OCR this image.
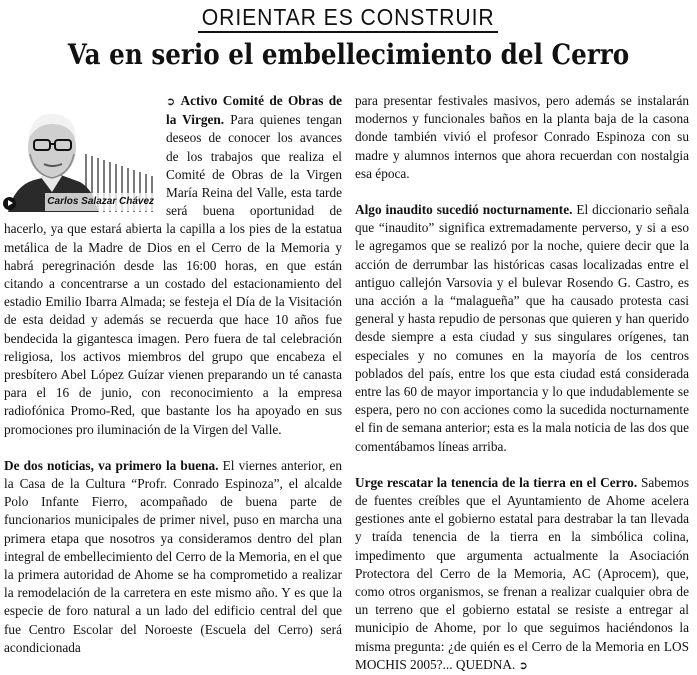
ORIENTAR ES CONSTRUIR
Va en serio el embellecimiento del Cerro
Carlos Salazar Chávez

➲ Activo Comité de Obras de la Virgen. Para quienes tengan deseos de conocer los avances de los trabajos que realiza el Comité de Obras de la Virgen María Reina del Valle, esta tarde será buena oportunidad de hacerlo, ya que estará abierta la capilla a los pies de la estatua metálica de la Madre de Dios en el Cerro de la Memoria y habrá peregrinación desde las 16:00 horas, en que están citando a concentrarse a un costado del estacionamiento del estadio Emilio Ibarra Almada; se festeja el Día de la Visitación de esta deidad y además se recuerda que hace 10 años fue bendecida la gigantesca imagen. Pero fuera de tal celebración religiosa, los activos miembros del grupo que encabeza el presbítero Abel López Guízar vienen preparando un té canasta para el 16 de junio, con reconocimiento a la empresa radiofónica Promo-Red, que bastante los ha apoyado en sus promociones pro iluminación de la Virgen del Valle.

De dos noticias, va primero la buena. El viernes anterior, en la Casa de la Cultura “Profr. Conrado Espinoza”, el alcalde Polo Infante Fierro, acompañado de buena parte de funcionarios municipales de primer nivel, puso en marcha una primera etapa que nosotros ya consideramos dentro del plan integral de embellecimiento del Cerro de la Memoria, en el que la primera autoridad de Ahome se ha comprometido a realizar la remodelación de la carretera en este mismo año. Y es que la especie de foro natural a un lado del edificio central del que fue Centro Escolar del Noroeste (Escuela del Cerro) será acondicionada

para presentar festivales masivos, pero además se instalarán modernos y funcionales baños en la planta baja de la casona donde también vivió el profesor Conrado Espinoza con su madre y alumnos internos que ahora recuerdan con nostalgia esa época.

Algo inaudito sucedió nocturnamente. El diccionario señala que “inaudito” significa extremadamente perverso, y si a eso le agregamos que se realizó por la noche, quiere decir que la acción de derrumbar las históricas casas localizadas entre el antiguo callejón Varsovia y el bulevar Rosendo G. Castro, es una acción a la “malagueña” que ha causado protesta casi general y hasta repudio de personas que quieren y han querido desde siempre a esta ciudad y sus singulares orígenes, tan especiales y no comunes en la mayoría de los centros poblados del país, entre los que esta ciudad está considerada entre las 60 de mayor importancia y lo que indudablemente se espera, pero no con acciones como la sucedida nocturnamente el fin de semana anterior; esta es la mala noticia de las dos que comentábamos líneas arriba.

Urge rescatar la tenencia de la tierra en el Cerro. Sabemos de fuentes creíbles que el Ayuntamiento de Ahome acelera gestiones ante el gobierno estatal para destrabar la tan llevada y traída tenencia de la tierra en la simbólica colina, impedimento que argumenta actualmente la Asociación Protectora del Cerro de la Memoria, AC (Aprocem), que, como otros organismos, se frenan a realizar cualquier obra de un terreno que el gobierno estatal se resiste a entregar al municipio de Ahome, por lo que seguimos haciéndonos la misma pregunta: ¿de quién es el Cerro de la Memoria en LOS MOCHIS 2005?... QUEDNA. ➲
